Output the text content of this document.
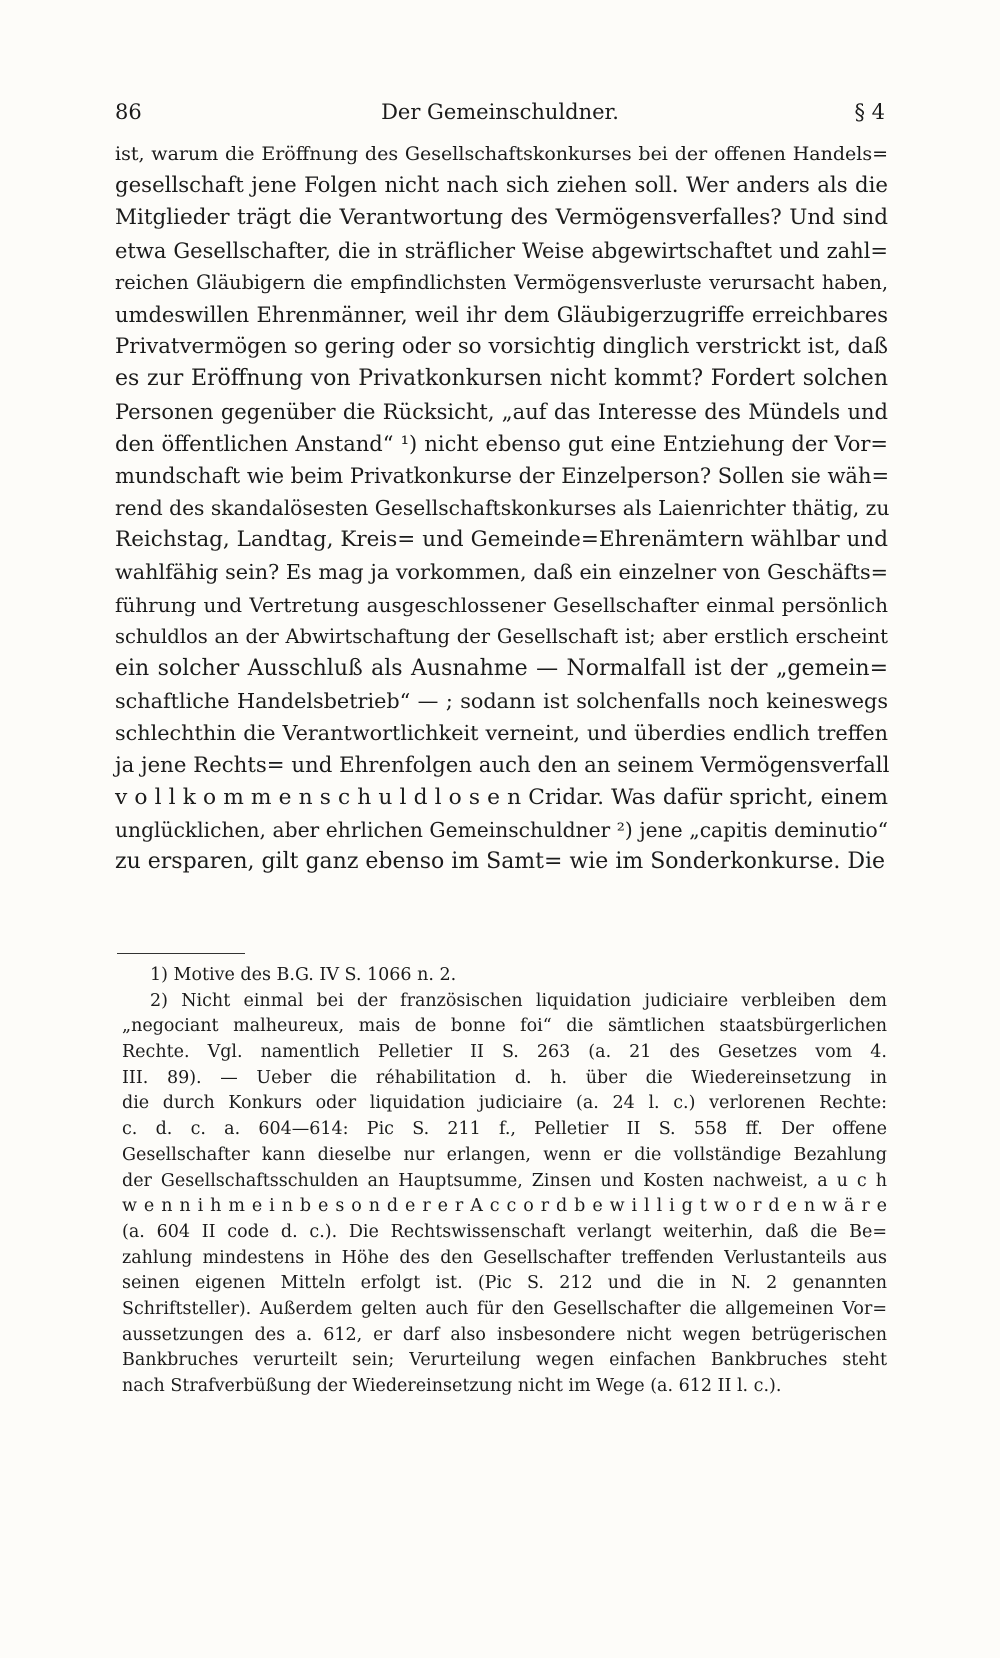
86	Der Gemeinschuldner.	§ 4
ist, warum die Eröffnung des Gesellschaftskonkurses bei der offenen Handels=
gesellschaft jene Folgen nicht nach sich ziehen soll. Wer anders als die
Mitglieder trägt die Verantwortung des Vermögensverfalles? Und sind
etwa Gesellschafter, die in sträflicher Weise abgewirtschaftet und zahl=
reichen Gläubigern die empfindlichsten Vermögensverluste verursacht haben,
umdeswillen Ehrenmänner, weil ihr dem Gläubigerzugriffe erreichbares
Privatvermögen so gering oder so vorsichtig dinglich verstrickt ist, daß
es zur Eröffnung von Privatkonkursen nicht kommt? Fordert solchen
Personen gegenüber die Rücksicht, „auf das Interesse des Mündels und
den öffentlichen Anstand“ ¹) nicht ebenso gut eine Entziehung der Vor=
mundschaft wie beim Privatkonkurse der Einzelperson? Sollen sie wäh=
rend des skandalösesten Gesellschaftskonkurses als Laienrichter thätig, zu
Reichstag, Landtag, Kreis= und Gemeinde=Ehrenämtern wählbar und
wahlfähig sein? Es mag ja vorkommen, daß ein einzelner von Geschäfts=
führung und Vertretung ausgeschlossener Gesellschafter einmal persönlich
schuldlos an der Abwirtschaftung der Gesellschaft ist; aber erstlich erscheint
ein solcher Ausschluß als Ausnahme — Normalfall ist der „gemein=
schaftliche Handelsbetrieb“ — ; sodann ist solchenfalls noch keineswegs
schlechthin die Verantwortlichkeit verneint, und überdies endlich treffen
ja jene Rechts= und Ehrenfolgen auch den an seinem Vermögensverfall
v o l l k o m m e n s c h u l d l o s e n Cridar. Was dafür spricht, einem
unglücklichen, aber ehrlichen Gemeinschuldner ²) jene „capitis deminutio“
zu ersparen, gilt ganz ebenso im Samt= wie im Sonderkonkurse. Die
1) Motive des B.G. IV S. 1066 n. 2.
2) Nicht einmal bei der französischen liquidation judiciaire verbleiben dem
„negociant malheureux, mais de bonne foi“ die sämtlichen staatsbürgerlichen
Rechte. Vgl. namentlich Pelletier II S. 263 (a. 21 des Gesetzes vom 4.
III. 89). — Ueber die réhabilitation d. h. über die Wiedereinsetzung in
die durch Konkurs oder liquidation judiciaire (a. 24 l. c.) verlorenen Rechte:
c. d. c. a. 604—614: Pic S. 211 f., Pelletier II S. 558 ff. Der offene
Gesellschafter kann dieselbe nur erlangen, wenn er die vollständige Bezahlung
der Gesellschaftsschulden an Hauptsumme, Zinsen und Kosten nachweist, a u c h
w e n n i h m e i n b e s o n d e r e r A c c o r d b e w i l l i g t w o r d e n w ä r e
(a. 604 II code d. c.). Die Rechtswissenschaft verlangt weiterhin, daß die Be=
zahlung mindestens in Höhe des den Gesellschafter treffenden Verlustanteils aus
seinen eigenen Mitteln erfolgt ist. (Pic S. 212 und die in N. 2 genannten
Schriftsteller). Außerdem gelten auch für den Gesellschafter die allgemeinen Vor=
aussetzungen des a. 612, er darf also insbesondere nicht wegen betrügerischen
Bankbruches verurteilt sein; Verurteilung wegen einfachen Bankbruches steht
nach Strafverbüßung der Wiedereinsetzung nicht im Wege (a. 612 II l. c.).
